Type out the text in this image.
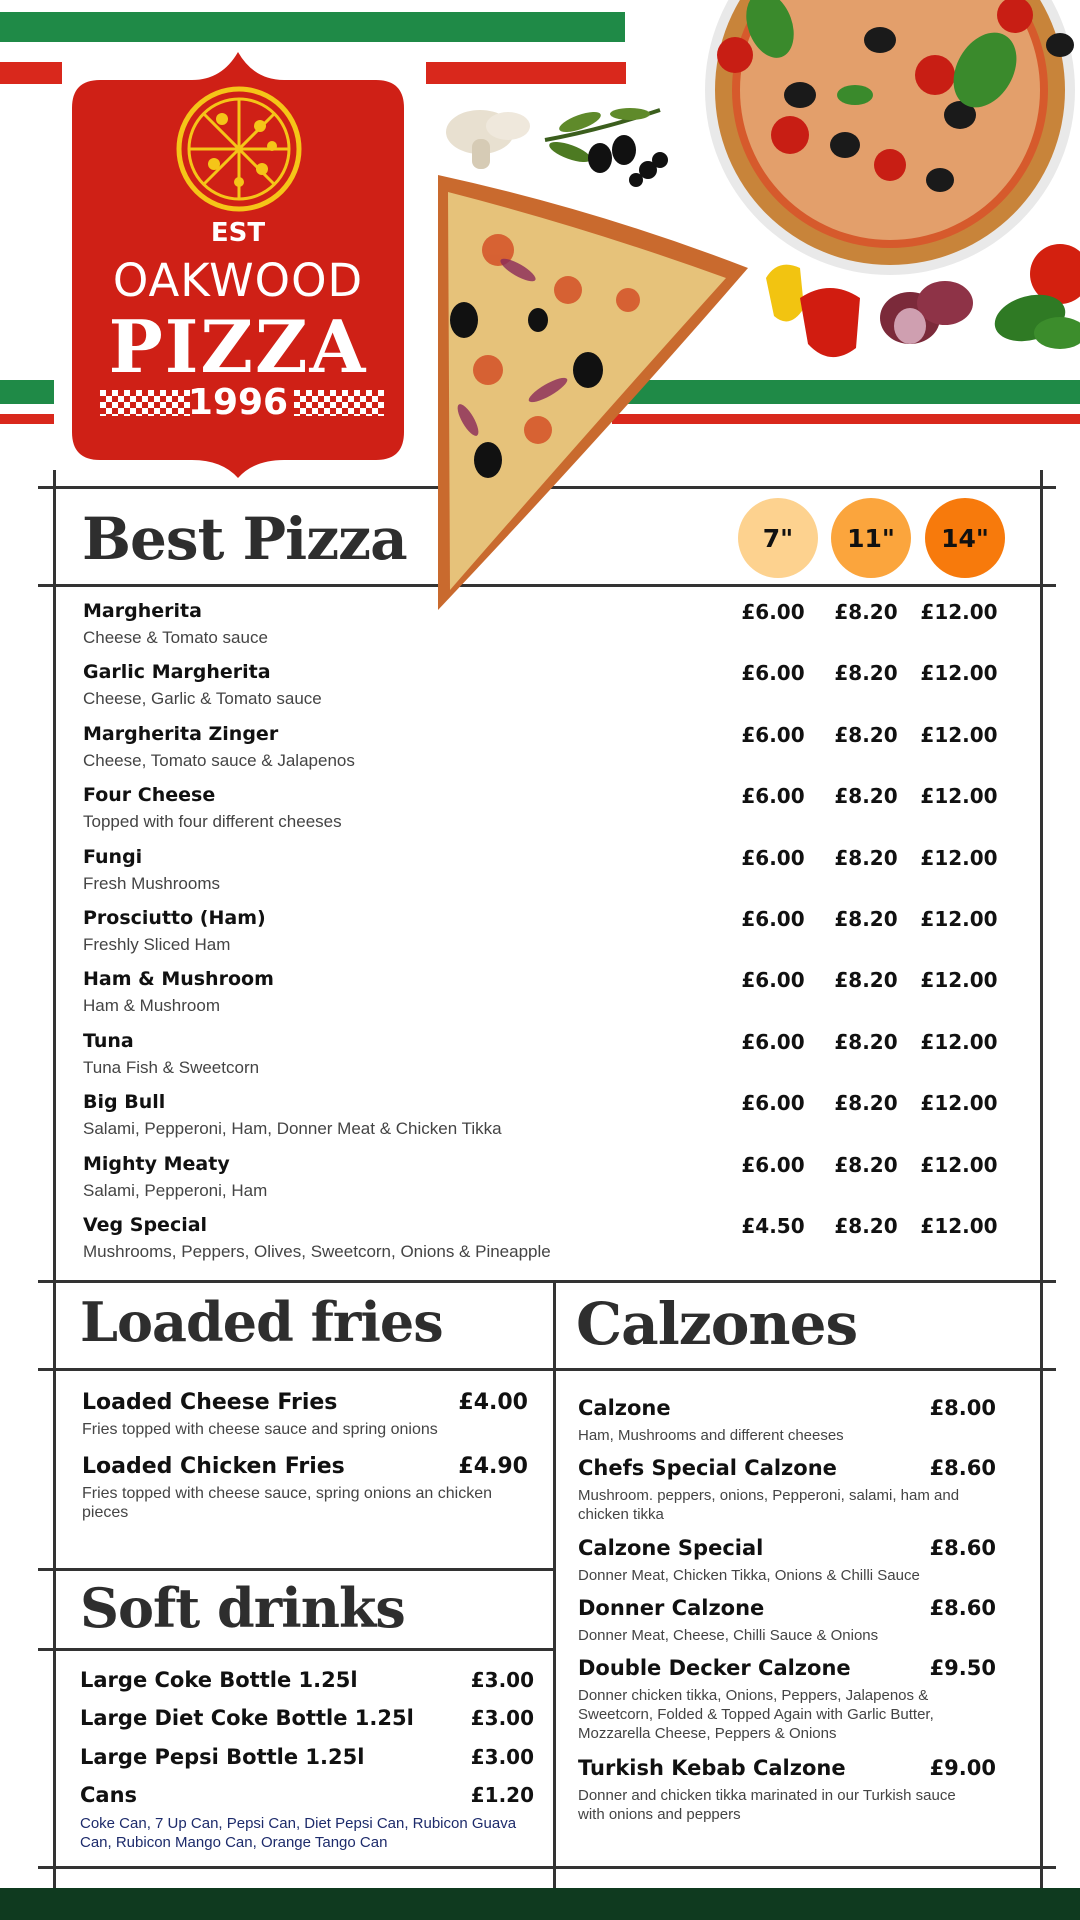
EST
OAKWOOD
PIZZA
1996
Best Pizza	7"	11"	14"
Margherita
Cheese & Tomato sauce
£6.00	£8.20	£12.00
Garlic Margherita
Cheese, Garlic & Tomato sauce
£6.00	£8.20	£12.00
Margherita Zinger
Cheese, Tomato sauce & Jalapenos
£6.00	£8.20	£12.00
Four Cheese
Topped with four different cheeses
£6.00	£8.20	£12.00
Fungi
Fresh Mushrooms
£6.00	£8.20	£12.00
Prosciutto (Ham)
Freshly Sliced Ham
£6.00	£8.20	£12.00
Ham & Mushroom
Ham & Mushroom
£6.00	£8.20	£12.00
Tuna
Tuna Fish & Sweetcorn
£6.00	£8.20	£12.00
Big Bull
Salami, Pepperoni, Ham, Donner Meat & Chicken Tikka
£6.00	£8.20	£12.00
Mighty Meaty
Salami, Pepperoni, Ham
£6.00	£8.20	£12.00
Veg Special
Mushrooms, Peppers, Olives, Sweetcorn, Onions & Pineapple
£4.50	£8.20	£12.00
Loaded fries
Loaded Cheese Fries	£4.00
Fries topped with cheese sauce and spring onions
Loaded Chicken Fries	£4.90
Fries topped with cheese sauce, spring onions an chicken pieces
Soft drinks
Large Coke Bottle 1.25l	£3.00
Large Diet Coke Bottle 1.25l	£3.00
Large Pepsi Bottle 1.25l	£3.00
Cans	£1.20
Coke Can, 7 Up Can, Pepsi Can, Diet Pepsi Can, Rubicon Guava Can, Rubicon Mango Can, Orange Tango Can
Calzones
Calzone	£8.00
Ham, Mushrooms and different cheeses
Chefs Special Calzone	£8.60
Mushroom. peppers, onions, Pepperoni, salami, ham and chicken tikka
Calzone Special	£8.60
Donner Meat, Chicken Tikka, Onions & Chilli Sauce
Donner Calzone	£8.60
Donner Meat, Cheese, Chilli Sauce & Onions
Double Decker Calzone	£9.50
Donner chicken tikka, Onions, Peppers, Jalapenos & Sweetcorn, Folded & Topped Again with Garlic Butter, Mozzarella Cheese, Peppers & Onions
Turkish Kebab Calzone	£9.00
Donner and chicken tikka marinated in our Turkish sauce with onions and peppers
